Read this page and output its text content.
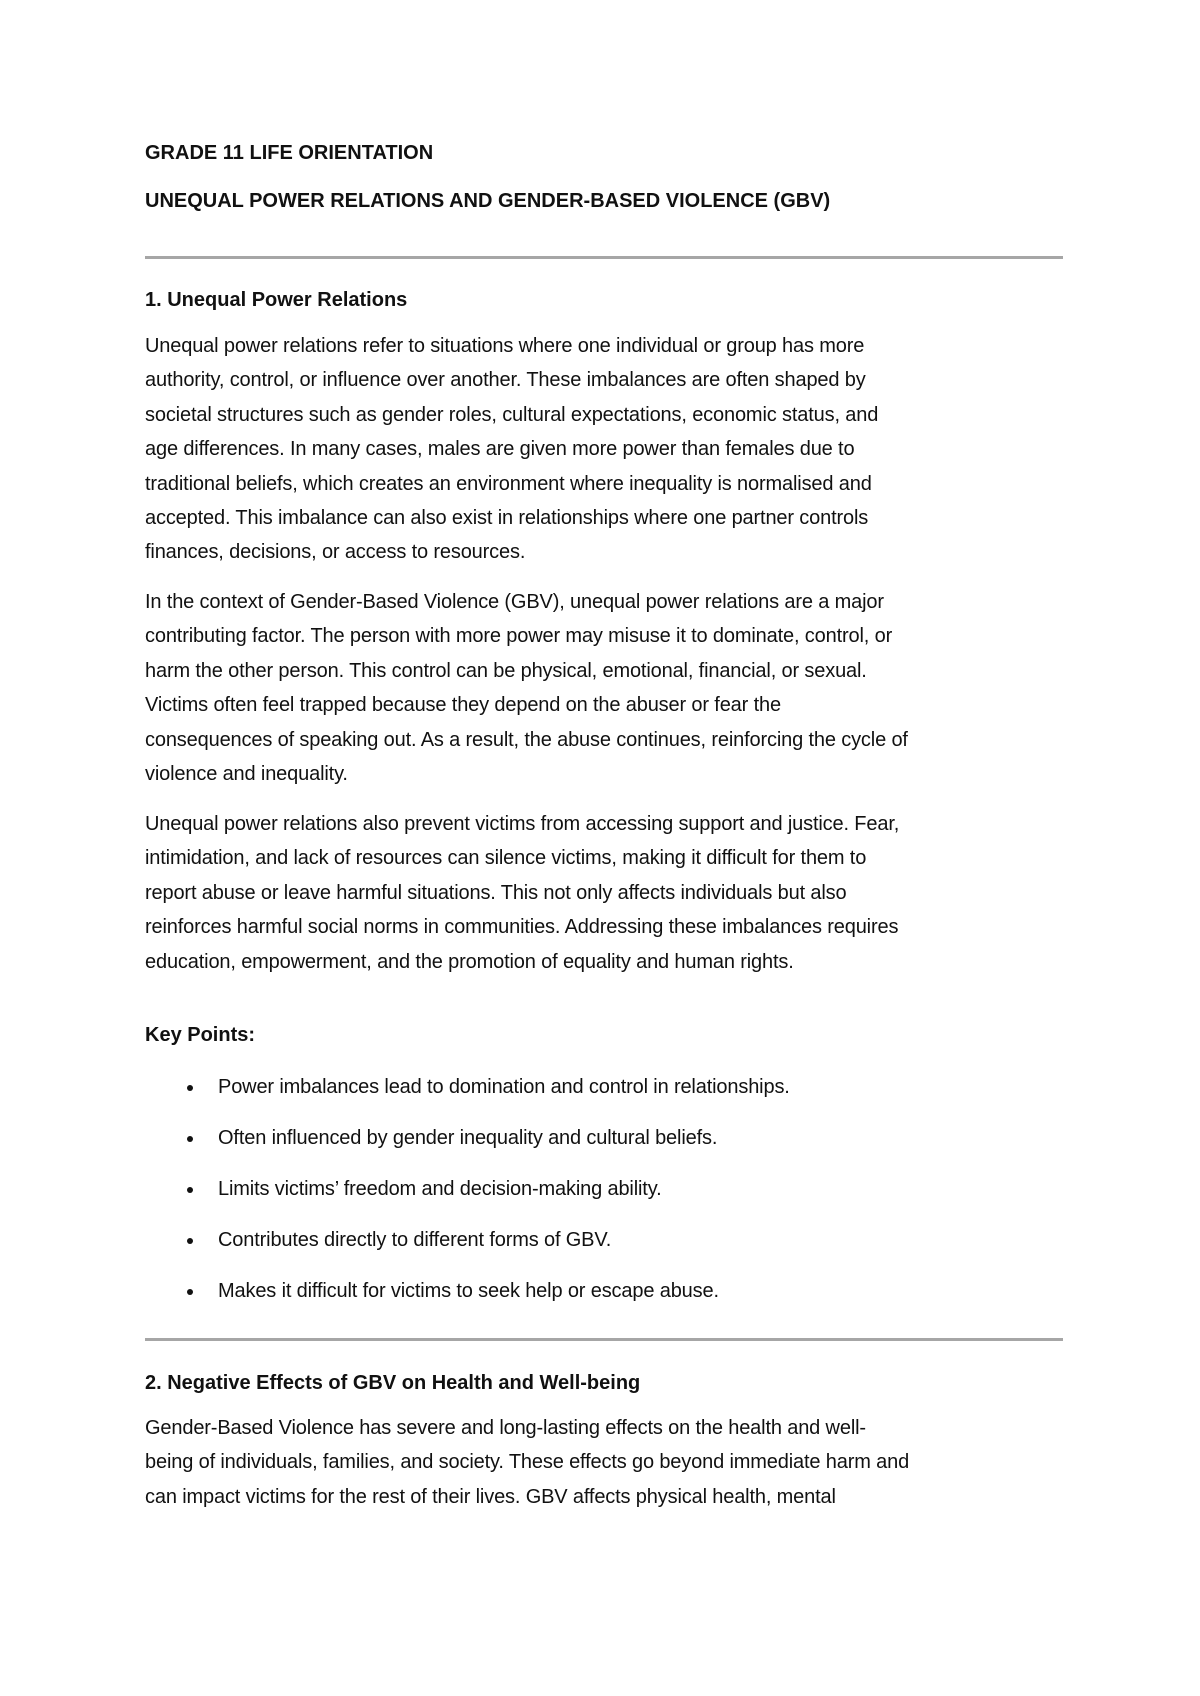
GRADE 11 LIFE ORIENTATION
UNEQUAL POWER RELATIONS AND GENDER-BASED VIOLENCE (GBV)
1. Unequal Power Relations
Unequal power relations refer to situations where one individual or group has more
authority, control, or influence over another. These imbalances are often shaped by
societal structures such as gender roles, cultural expectations, economic status, and
age differences. In many cases, males are given more power than females due to
traditional beliefs, which creates an environment where inequality is normalised and
accepted. This imbalance can also exist in relationships where one partner controls
finances, decisions, or access to resources.
In the context of Gender-Based Violence (GBV), unequal power relations are a major
contributing factor. The person with more power may misuse it to dominate, control, or
harm the other person. This control can be physical, emotional, financial, or sexual.
Victims often feel trapped because they depend on the abuser or fear the
consequences of speaking out. As a result, the abuse continues, reinforcing the cycle of
violence and inequality.
Unequal power relations also prevent victims from accessing support and justice. Fear,
intimidation, and lack of resources can silence victims, making it difficult for them to
report abuse or leave harmful situations. This not only affects individuals but also
reinforces harmful social norms in communities. Addressing these imbalances requires
education, empowerment, and the promotion of equality and human rights.
Key Points:
Power imbalances lead to domination and control in relationships.
Often influenced by gender inequality and cultural beliefs.
Limits victims’ freedom and decision-making ability.
Contributes directly to different forms of GBV.
Makes it difficult for victims to seek help or escape abuse.
2. Negative Effects of GBV on Health and Well-being
Gender-Based Violence has severe and long-lasting effects on the health and well-
being of individuals, families, and society. These effects go beyond immediate harm and
can impact victims for the rest of their lives. GBV affects physical health, mental
